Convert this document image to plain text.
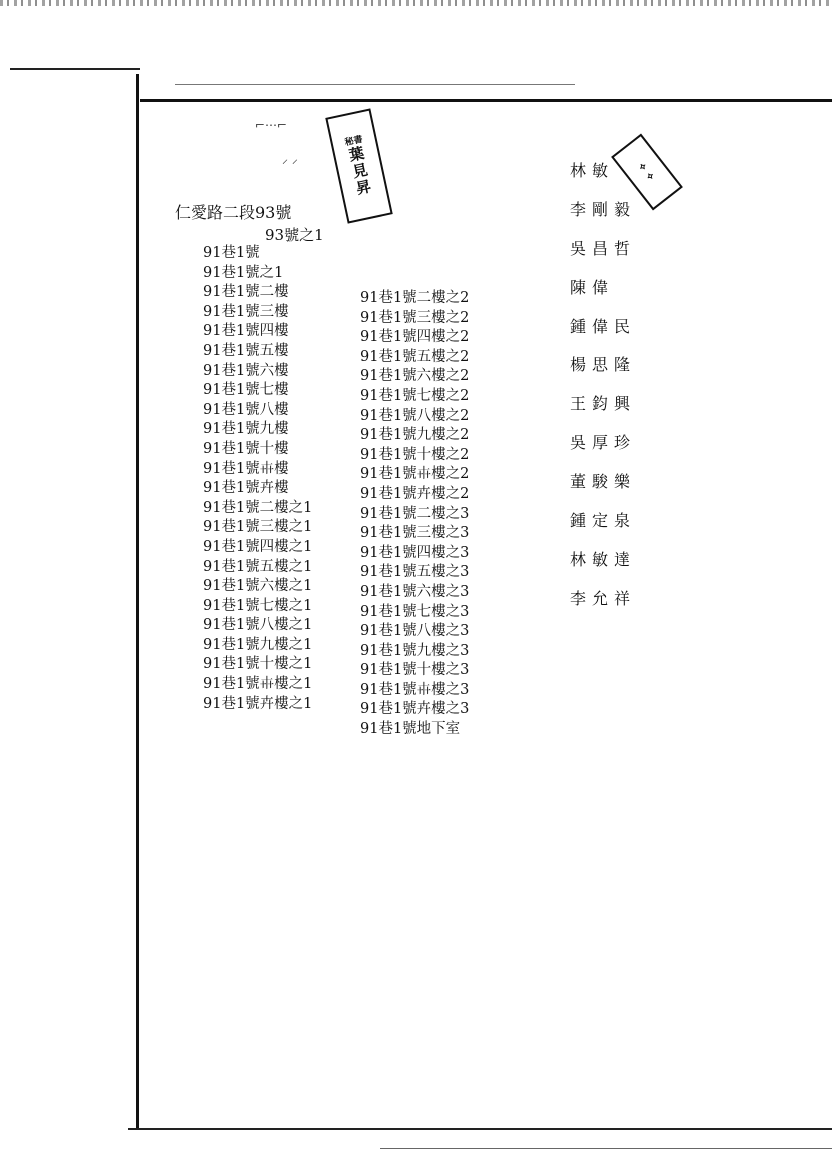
⌐⋯⌐
⸝ ⸝
秘書
葉
見
昇
⟡
⟡
仁愛路二段93號
93號之1
91巷1號
91巷1號之1
91巷1號二樓
91巷1號三樓
91巷1號四樓
91巷1號五樓
91巷1號六樓
91巷1號七樓
91巷1號八樓
91巷1號九樓
91巷1號十樓
91巷1號𠦃樓
91巷1號𠦄樓
91巷1號二樓之1
91巷1號三樓之1
91巷1號四樓之1
91巷1號五樓之1
91巷1號六樓之1
91巷1號七樓之1
91巷1號八樓之1
91巷1號九樓之1
91巷1號十樓之1
91巷1號𠦃樓之1
91巷1號𠦄樓之1
91巷1號二樓之2
91巷1號三樓之2
91巷1號四樓之2
91巷1號五樓之2
91巷1號六樓之2
91巷1號七樓之2
91巷1號八樓之2
91巷1號九樓之2
91巷1號十樓之2
91巷1號𠦃樓之2
91巷1號𠦄樓之2
91巷1號二樓之3
91巷1號三樓之3
91巷1號四樓之3
91巷1號五樓之3
91巷1號六樓之3
91巷1號七樓之3
91巷1號八樓之3
91巷1號九樓之3
91巷1號十樓之3
91巷1號𠦃樓之3
91巷1號𠦄樓之3
91巷1號地下室
林敏
李剛毅
吳昌哲
陳偉
鍾偉民
楊思隆
王鈞興
吳厚珍
董駿樂
鍾定泉
林敏達
李允祥
